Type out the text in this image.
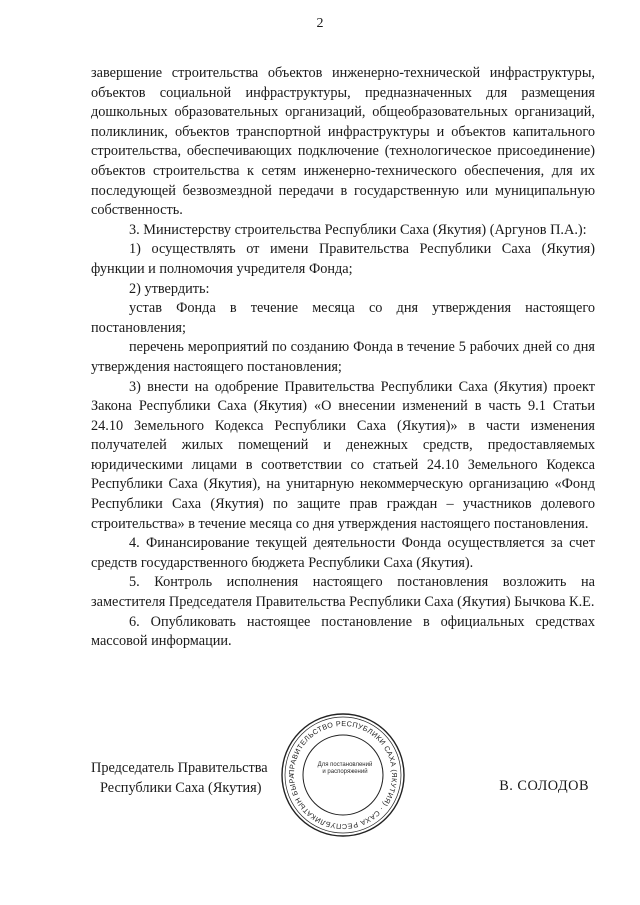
2

завершение строительства объектов инженерно-технической инфраструктуры, объектов социальной инфраструктуры, предназначенных для размещения дошкольных образовательных организаций, общеобразовательных организаций, поликлиник, объектов транспортной инфраструктуры и объектов капитального строительства, обеспечивающих подключение (технологическое присоединение) объектов строительства к сетям инженерно-технического обеспечения, для их последующей безвозмездной передачи в государственную или муниципальную собственность.

3. Министерству строительства Республики Саха (Якутия) (Аргунов П.А.):

1) осуществлять от имени Правительства Республики Саха (Якутия) функции и полномочия учредителя Фонда;

2) утвердить:

устав Фонда в течение месяца со дня утверждения настоящего постановления;

перечень мероприятий по созданию Фонда в течение 5 рабочих дней со дня утверждения настоящего постановления;

3) внести на одобрение Правительства Республики Саха (Якутия) проект Закона Республики Саха (Якутия) «О внесении изменений в часть 9.1 Статьи 24.10 Земельного Кодекса Республики Саха (Якутия)» в части изменения получателей жилых помещений и денежных средств, предоставляемых юридическими лицами в соответствии со статьей 24.10 Земельного Кодекса Республики Саха (Якутия), на унитарную некоммерческую организацию «Фонд Республики Саха (Якутия) по защите прав граждан – участников долевого строительства» в течение месяца со дня утверждения настоящего постановления.

4. Финансирование текущей деятельности Фонда осуществляется за счет средств государственного бюджета Республики Саха (Якутия).

5. Контроль исполнения настоящего постановления возложить на заместителя Председателя Правительства Республики Саха (Якутия) Бычкова К.Е.

6. Опубликовать настоящее постановление в официальных средствах массовой информации.

ПРАВИТЕЛЬСТВО РЕСПУБЛИКИ САХА (ЯКУТИЯ) · САХА РЕСПУБЛИКАТЫН БЫРА
Для постановлений и распоряжений
Председатель Правительства
Республики Саха (Якутия)	В. СОЛОДОВ
